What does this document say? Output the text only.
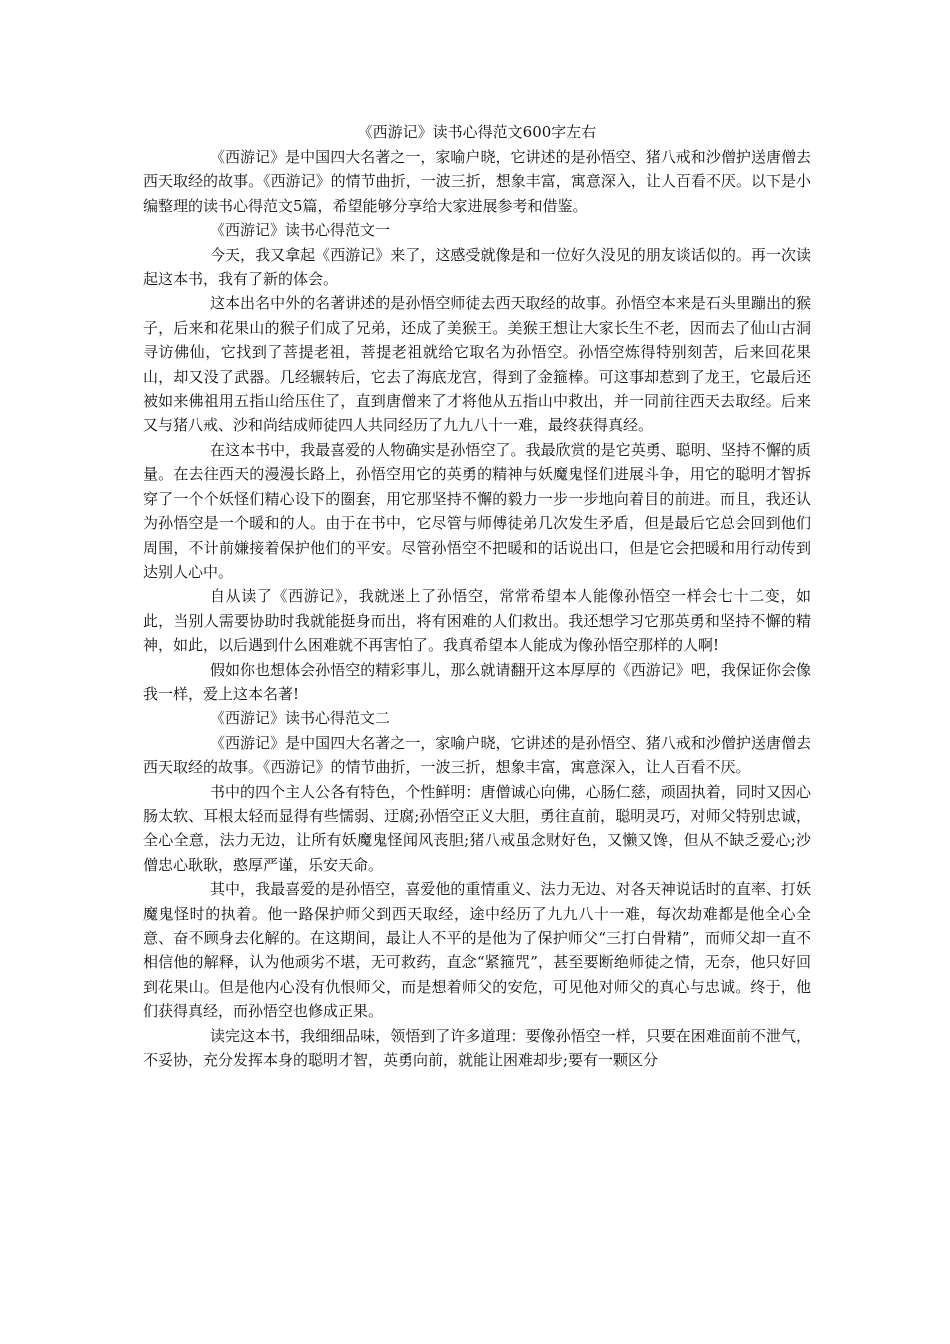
《西游记》读书心得范文600字左右

《西游记》是中国四大名著之一，家喻户晓，它讲述的是孙悟空、猪八戒和沙僧护送唐僧去西天取经的故事。《西游记》的情节曲折，一波三折，想象丰富，寓意深入，让人百看不厌。以下是小编整理的读书心得范文5篇，希望能够分享给大家进展参考和借鉴。

《西游记》读书心得范文一

今天，我又拿起《西游记》来了，这感受就像是和一位好久没见的朋友谈话似的。再一次读起这本书，我有了新的体会。

这本出名中外的名著讲述的是孙悟空师徒去西天取经的故事。孙悟空本来是石头里蹦出的猴子，后来和花果山的猴子们成了兄弟，还成了美猴王。美猴王想让大家长生不老，因而去了仙山古洞寻访佛仙，它找到了菩提老祖，菩提老祖就给它取名为孙悟空。孙悟空炼得特别刻苦，后来回花果山，却又没了武器。几经辗转后，它去了海底龙宫，得到了金箍棒。可这事却惹到了龙王，它最后还被如来佛祖用五指山给压住了，直到唐僧来了才将他从五指山中救出，并一同前往西天去取经。后来又与猪八戒、沙和尚结成师徒四人共同经历了九九八十一难，最终获得真经。

在这本书中，我最喜爱的人物确实是孙悟空了。我最欣赏的是它英勇、聪明、坚持不懈的质量。在去往西天的漫漫长路上，孙悟空用它的英勇的精神与妖魔鬼怪们进展斗争，用它的聪明才智拆穿了一个个妖怪们精心设下的圈套，用它那坚持不懈的毅力一步一步地向着目的前进。而且，我还认为孙悟空是一个暖和的人。由于在书中，它尽管与师傅徒弟几次发生矛盾，但是最后它总会回到他们周围，不计前嫌接着保护他们的平安。尽管孙悟空不把暖和的话说出口，但是它会把暖和用行动传到达别人心中。

自从读了《西游记》，我就迷上了孙悟空，常常希望本人能像孙悟空一样会七十二变，如此，当别人需要协助时我就能挺身而出，将有困难的人们救出。我还想学习它那英勇和坚持不懈的精神，如此，以后遇到什么困难就不再害怕了。我真希望本人能成为像孙悟空那样的人啊!

假如你也想体会孙悟空的精彩事儿，那么就请翻开这本厚厚的《西游记》吧，我保证你会像我一样，爱上这本名著!

《西游记》读书心得范文二

《西游记》是中国四大名著之一，家喻户晓，它讲述的是孙悟空、猪八戒和沙僧护送唐僧去西天取经的故事。《西游记》的情节曲折，一波三折，想象丰富，寓意深入，让人百看不厌。

书中的四个主人公各有特色，个性鲜明：唐僧诚心向佛，心肠仁慈，顽固执着，同时又因心肠太软、耳根太轻而显得有些懦弱、迂腐;孙悟空正义大胆，勇往直前，聪明灵巧，对师父特别忠诚，全心全意，法力无边，让所有妖魔鬼怪闻风丧胆;猪八戒虽念财好色，又懒又馋，但从不缺乏爱心;沙僧忠心耿耿，憨厚严谨，乐安天命。

其中，我最喜爱的是孙悟空，喜爱他的重情重义、法力无边、对各天神说话时的直率、打妖魔鬼怪时的执着。他一路保护师父到西天取经，途中经历了九九八十一难，每次劫难都是他全心全意、奋不顾身去化解的。在这期间，最让人不平的是他为了保护师父“三打白骨精”，而师父却一直不相信他的解释，认为他顽劣不堪，无可救药，直念“紧箍咒”，甚至要断绝师徒之情，无奈，他只好回到花果山。但是他内心没有仇恨师父，而是想着师父的安危，可见他对师父的真心与忠诚。终于，他们获得真经，而孙悟空也修成正果。

读完这本书，我细细品味，领悟到了许多道理：要像孙悟空一样，只要在困难面前不泄气，不妥协，充分发挥本身的聪明才智，英勇向前，就能让困难却步;要有一颗区分
